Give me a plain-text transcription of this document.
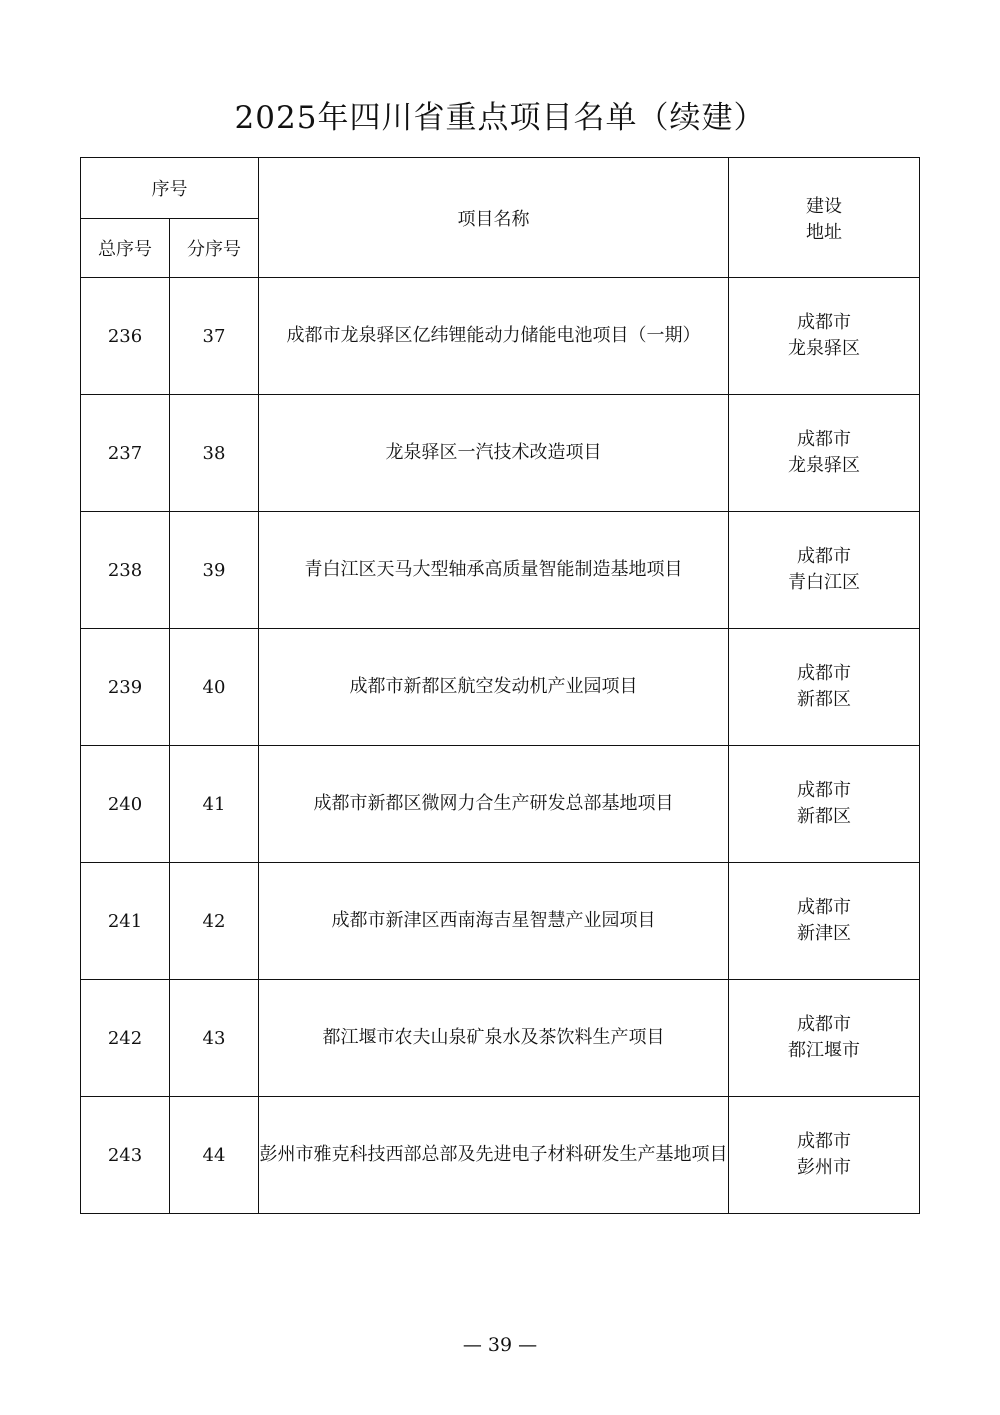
2025年四川省重点项目名单（续建）
序号		项目名称	建设
地址

总序号	分序号		
236	37	成都市龙泉驿区亿纬锂能动力储能电池项目（一期）	成都市
龙泉驿区

237	38	龙泉驿区一汽技术改造项目	成都市
龙泉驿区

238	39	青白江区天马大型轴承高质量智能制造基地项目	成都市
青白江区

239	40	成都市新都区航空发动机产业园项目	成都市
新都区

240	41	成都市新都区微网力合生产研发总部基地项目	成都市
新都区

241	42	成都市新津区西南海吉星智慧产业园项目	成都市
新津区

242	43	都江堰市农夫山泉矿泉水及茶饮料生产项目	成都市
都江堰市

243	44	彭州市雅克科技西部总部及先进电子材料研发生产基地项目	成都市
彭州市
— 39 —
